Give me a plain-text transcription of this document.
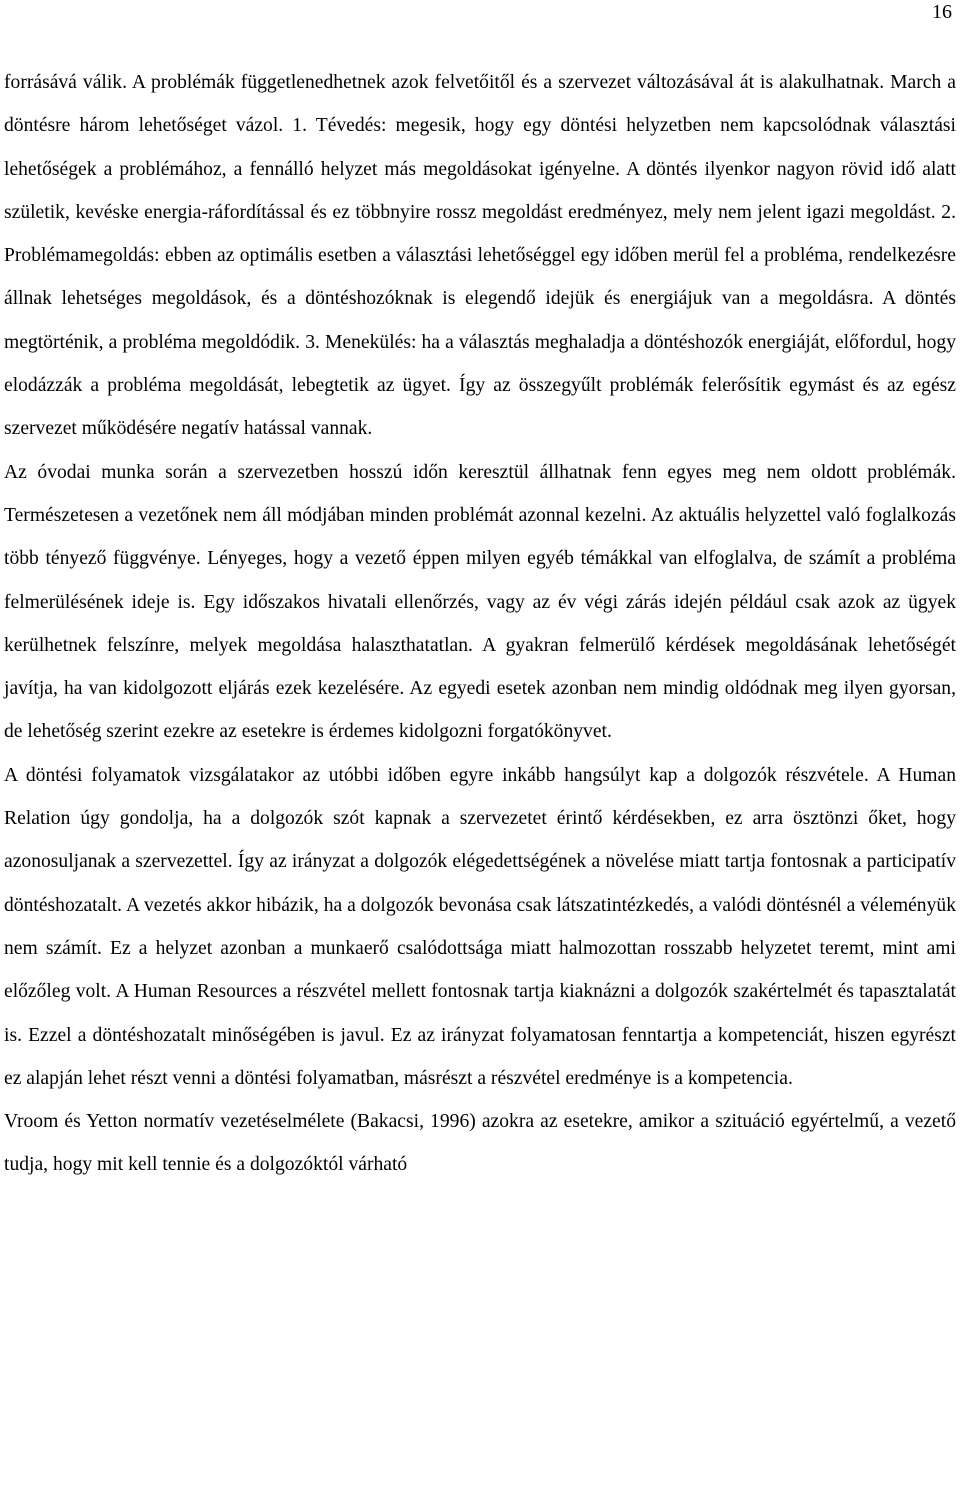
16

forrásává válik. A problémák függetlenedhetnek azok felvetőitől és a szervezet változásával át is alakulhatnak. March a döntésre három lehetőséget vázol. 1. Tévedés: megesik, hogy egy döntési helyzetben nem kapcsolódnak választási lehetőségek a problémához, a fennálló helyzet más megoldásokat igényelne. A döntés ilyenkor nagyon rövid idő alatt születik, kevéske energia-ráfordítással és ez többnyire rossz megoldást eredményez, mely nem jelent igazi megoldást. 2. Problémamegoldás: ebben az optimális esetben a választási lehetőséggel egy időben merül fel a probléma, rendelkezésre állnak lehetséges megoldások, és a döntéshozóknak is elegendő idejük és energiájuk van a megoldásra. A döntés megtörténik, a probléma megoldódik. 3. Menekülés: ha a választás meghaladja a döntéshozók energiáját, előfordul, hogy elodázzák a probléma megoldását, lebegtetik az ügyet. Így az összegyűlt problémák felerősítik egymást és az egész szervezet működésére negatív hatással vannak.

Az óvodai munka során a szervezetben hosszú időn keresztül állhatnak fenn egyes meg nem oldott problémák. Természetesen a vezetőnek nem áll módjában minden problémát azonnal kezelni. Az aktuális helyzettel való foglalkozás több tényező függvénye. Lényeges, hogy a vezető éppen milyen egyéb témákkal van elfoglalva, de számít a probléma felmerülésének ideje is. Egy időszakos hivatali ellenőrzés, vagy az év végi zárás idején például csak azok az ügyek kerülhetnek felszínre, melyek megoldása halaszthatatlan. A gyakran felmerülő kérdések megoldásának lehetőségét javítja, ha van kidolgozott eljárás ezek kezelésére. Az egyedi esetek azonban nem mindig oldódnak meg ilyen gyorsan, de lehetőség szerint ezekre az esetekre is érdemes kidolgozni forgatókönyvet.

A döntési folyamatok vizsgálatakor az utóbbi időben egyre inkább hangsúlyt kap a dolgozók részvétele. A Human Relation úgy gondolja, ha a dolgozók szót kapnak a szervezetet érintő kérdésekben, ez arra ösztönzi őket, hogy azonosuljanak a szervezettel. Így az irányzat a dolgozók elégedettségének a növelése miatt tartja fontosnak a participatív döntéshozatalt. A vezetés akkor hibázik, ha a dolgozók bevonása csak látszatintézkedés, a valódi döntésnél a véleményük nem számít. Ez a helyzet azonban a munkaerő csalódottsága miatt halmozottan rosszabb helyzetet teremt, mint ami előzőleg volt. A Human Resources a részvétel mellett fontosnak tartja kiaknázni a dolgozók szakértelmét és tapasztalatát is. Ezzel a döntéshozatalt minőségében is javul. Ez az irányzat folyamatosan fenntartja a kompetenciát, hiszen egyrészt ez alapján lehet részt venni a döntési folyamatban, másrészt a részvétel eredménye is a kompetencia.

Vroom és Yetton normatív vezetéselmélete (Bakacsi, 1996) azokra az esetekre, amikor a szituáció egyértelmű, a vezető tudja, hogy mit kell tennie és a dolgozóktól várható
